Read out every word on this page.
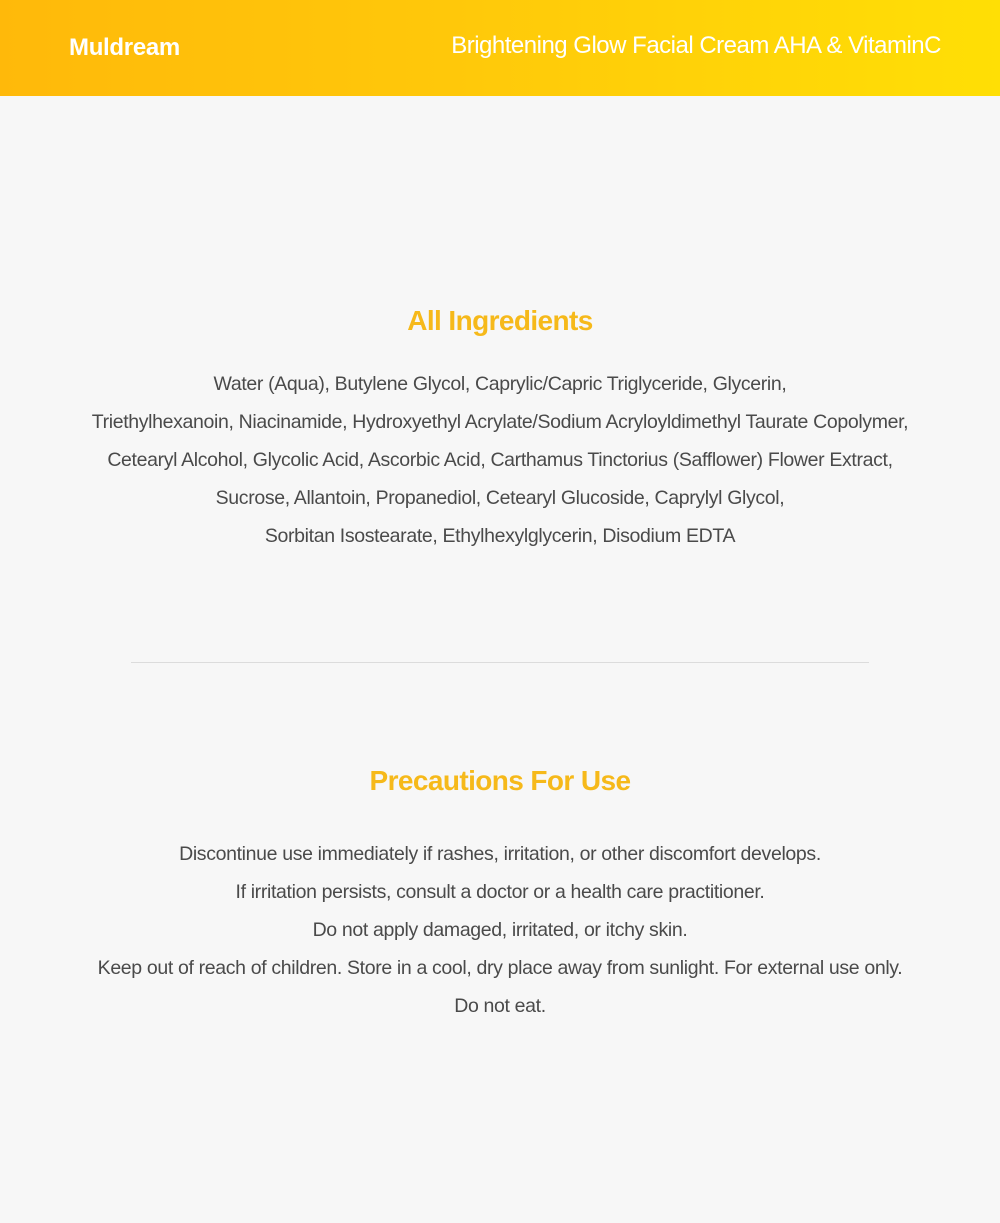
Muldream	Brightening Glow Facial Cream AHA & VitaminC
All Ingredients
Water (Aqua), Butylene Glycol, Caprylic/Capric Triglyceride, Glycerin,
Triethylhexanoin, Niacinamide, Hydroxyethyl Acrylate/Sodium Acryloyldimethyl Taurate Copolymer,
Cetearyl Alcohol, Glycolic Acid, Ascorbic Acid, Carthamus Tinctorius (Safflower) Flower Extract,
Sucrose, Allantoin, Propanediol, Cetearyl Glucoside, Caprylyl Glycol,
Sorbitan Isostearate, Ethylhexylglycerin, Disodium EDTA
Precautions For Use
Discontinue use immediately if rashes, irritation, or other discomfort develops.
If irritation persists, consult a doctor or a health care practitioner.
Do not apply damaged, irritated, or itchy skin.
Keep out of reach of children. Store in a cool, dry place away from sunlight. For external use only.
Do not eat.
